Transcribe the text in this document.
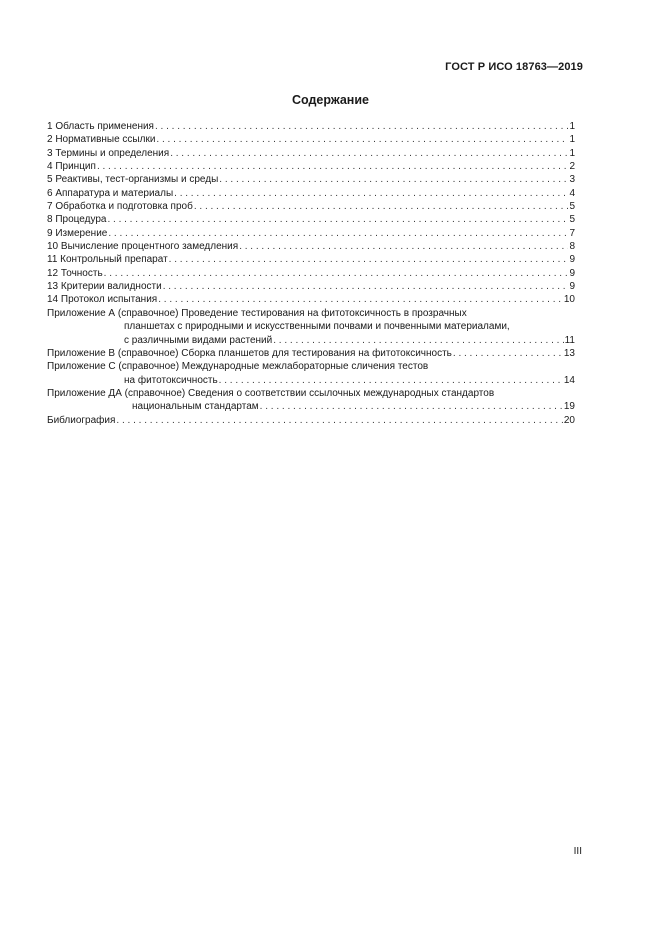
ГОСТ Р ИСО 18763—2019
Содержание
1 Область применения . . .	1
2 Нормативные ссылки . . .	1
3 Термины и определения . . .	1
4 Принцип . . .	2
5 Реактивы, тест-организмы и среды . . .	3
6 Аппаратура и материалы . . .	4
7 Обработка и подготовка проб . . .	5
8 Процедура . . .	5
9 Измерение . . .	7
10 Вычисление процентного замедления . . .	8
11 Контрольный препарат . . .	9
12 Точность . . .	9
13 Критерии валидности . . .	9
14 Протокол испытания . . .	10
Приложение А (справочное) Проведение тестирования на фитотоксичность в прозрачных
планшетах с природными и искусственными почвами и почвенными материалами,
с различными видами растений . . .	11
Приложение В (справочное) Сборка планшетов для тестирования на фитотоксичность . . .	13
Приложение С (справочное) Международные межлабораторные сличения тестов
на фитотоксичность . . .	14
Приложение ДА (справочное) Сведения о соответствии ссылочных международных стандартов
национальным стандартам . . .	19
Библиография . . .	20
III
